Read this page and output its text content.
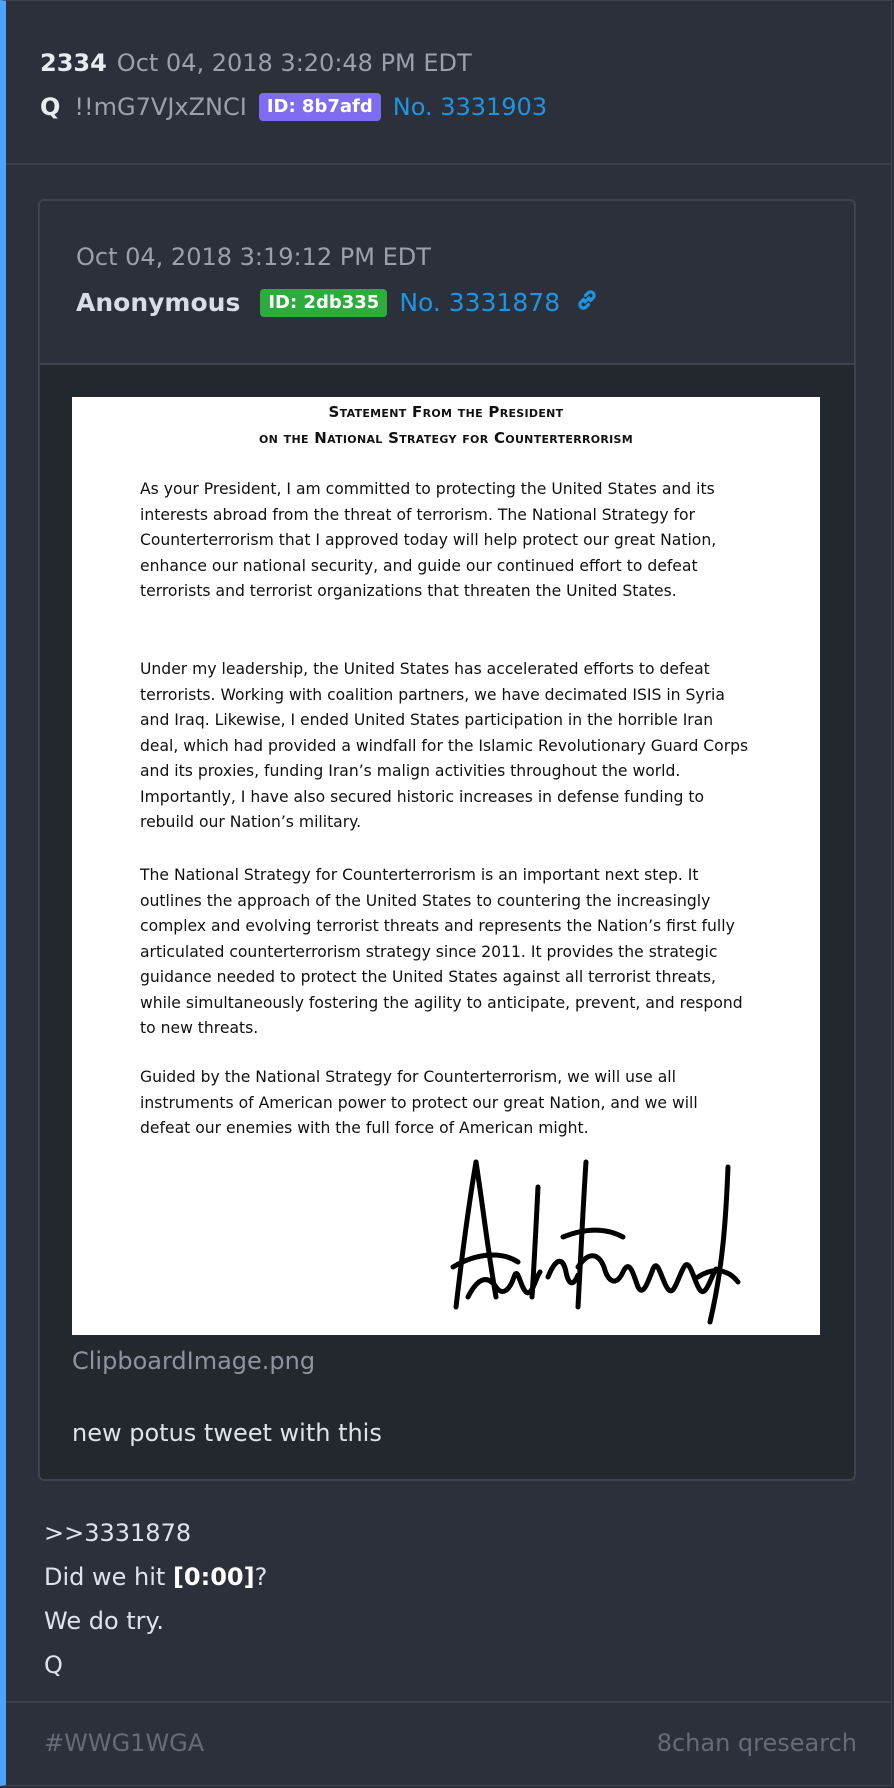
2334 Oct 04, 2018 3:20:48 PM EDT
Q !!mG7VJxZNCI ID: 8b7afd No. 3331903
Oct 04, 2018 3:19:12 PM EDT
Anonymous ID: 2db335 No. 3331878
Statement From the President
on the National Strategy for Counterterrorism
As your President, I am committed to protecting the United States and its interests abroad from the threat of terrorism. The National Strategy for Counterterrorism that I approved today will help protect our great Nation, enhance our national security, and guide our continued effort to defeat terrorists and terrorist organizations that threaten the United States.
Under my leadership, the United States has accelerated efforts to defeat terrorists. Working with coalition partners, we have decimated ISIS in Syria and Iraq. Likewise, I ended United States participation in the horrible Iran deal, which had provided a windfall for the Islamic Revolutionary Guard Corps and its proxies, funding Iran’s malign activities throughout the world. Importantly, I have also secured historic increases in defense funding to rebuild our Nation’s military.
The National Strategy for Counterterrorism is an important next step. It outlines the approach of the United States to countering the increasingly complex and evolving terrorist threats and represents the Nation’s first fully articulated counterterrorism strategy since 2011. It provides the strategic guidance needed to protect the United States against all terrorist threats, while simultaneously fostering the agility to anticipate, prevent, and respond to new threats.
Guided by the National Strategy for Counterterrorism, we will use all instruments of American power to protect our great Nation, and we will defeat our enemies with the full force of American might.
ClipboardImage.png
new potus tweet with this
>>3331878
Did we hit [0:00]?
We do try.
Q
#WWG1WGA	8chan qresearch
